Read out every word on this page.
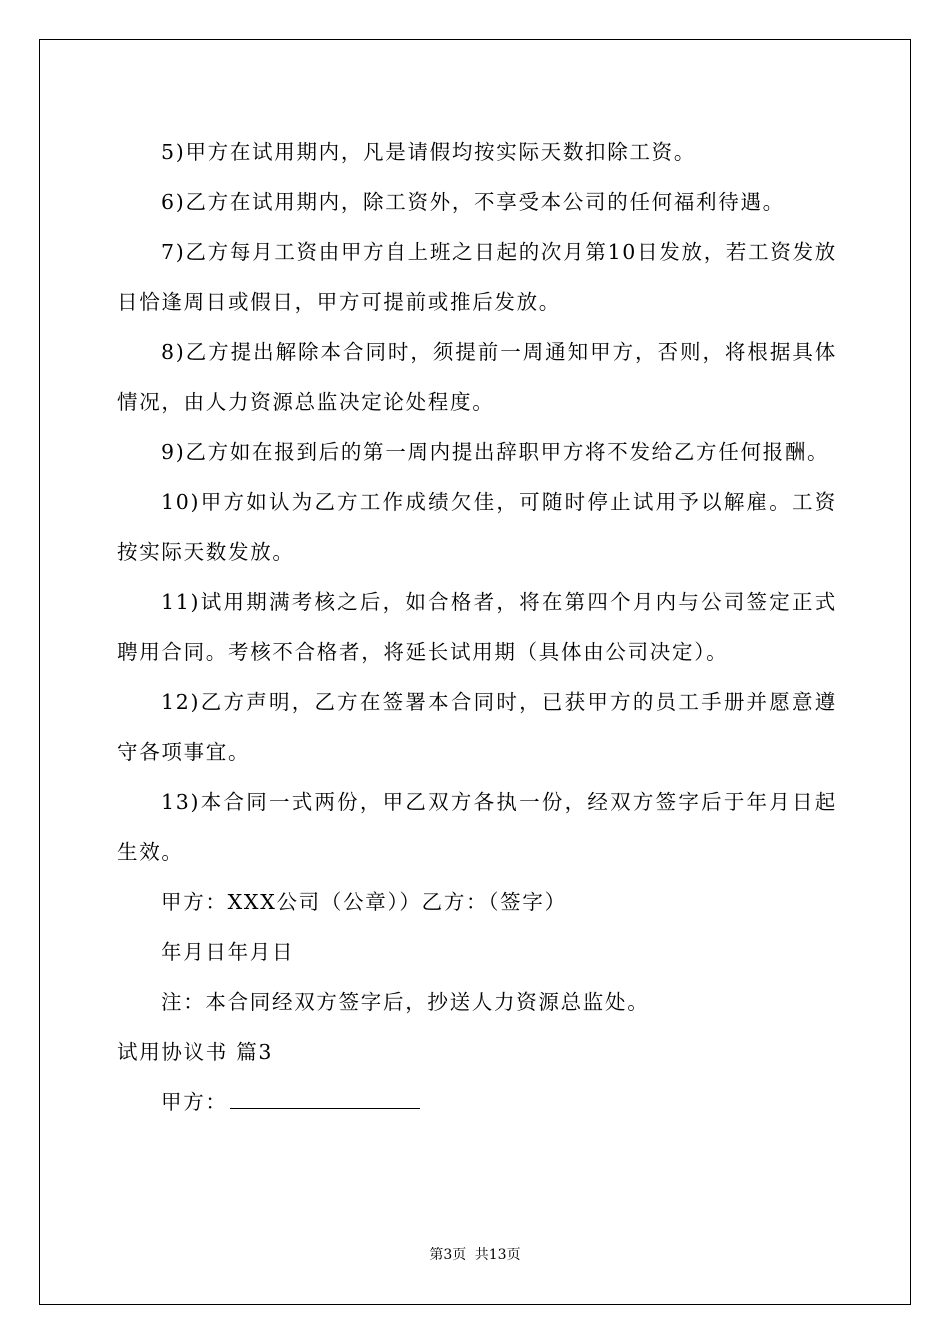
5)甲方在试用期内，凡是请假均按实际天数扣除工资。

6)乙方在试用期内，除工资外，不享受本公司的任何福利待遇。

7)乙方每月工资由甲方自上班之日起的次月第10日发放，若工资发放日恰逢周日或假日，甲方可提前或推后发放。

8)乙方提出解除本合同时，须提前一周通知甲方，否则，将根据具体情况，由人力资源总监决定论处程度。

9)乙方如在报到后的第一周内提出辞职甲方将不发给乙方任何报酬。

10)甲方如认为乙方工作成绩欠佳，可随时停止试用予以解雇。工资按实际天数发放。

11)试用期满考核之后，如合格者，将在第四个月内与公司签定正式聘用合同。考核不合格者，将延长试用期（具体由公司决定）。

12)乙方声明，乙方在签署本合同时，已获甲方的员工手册并愿意遵守各项事宜。

13)本合同一式两份，甲乙双方各执一份，经双方签字后于年月日起生效。

甲方：XXX公司（公章））乙方：（签字）

年月日年月日

注：本合同经双方签字后，抄送人力资源总监处。

试用协议书 篇3

甲方：

第3页 共13页
